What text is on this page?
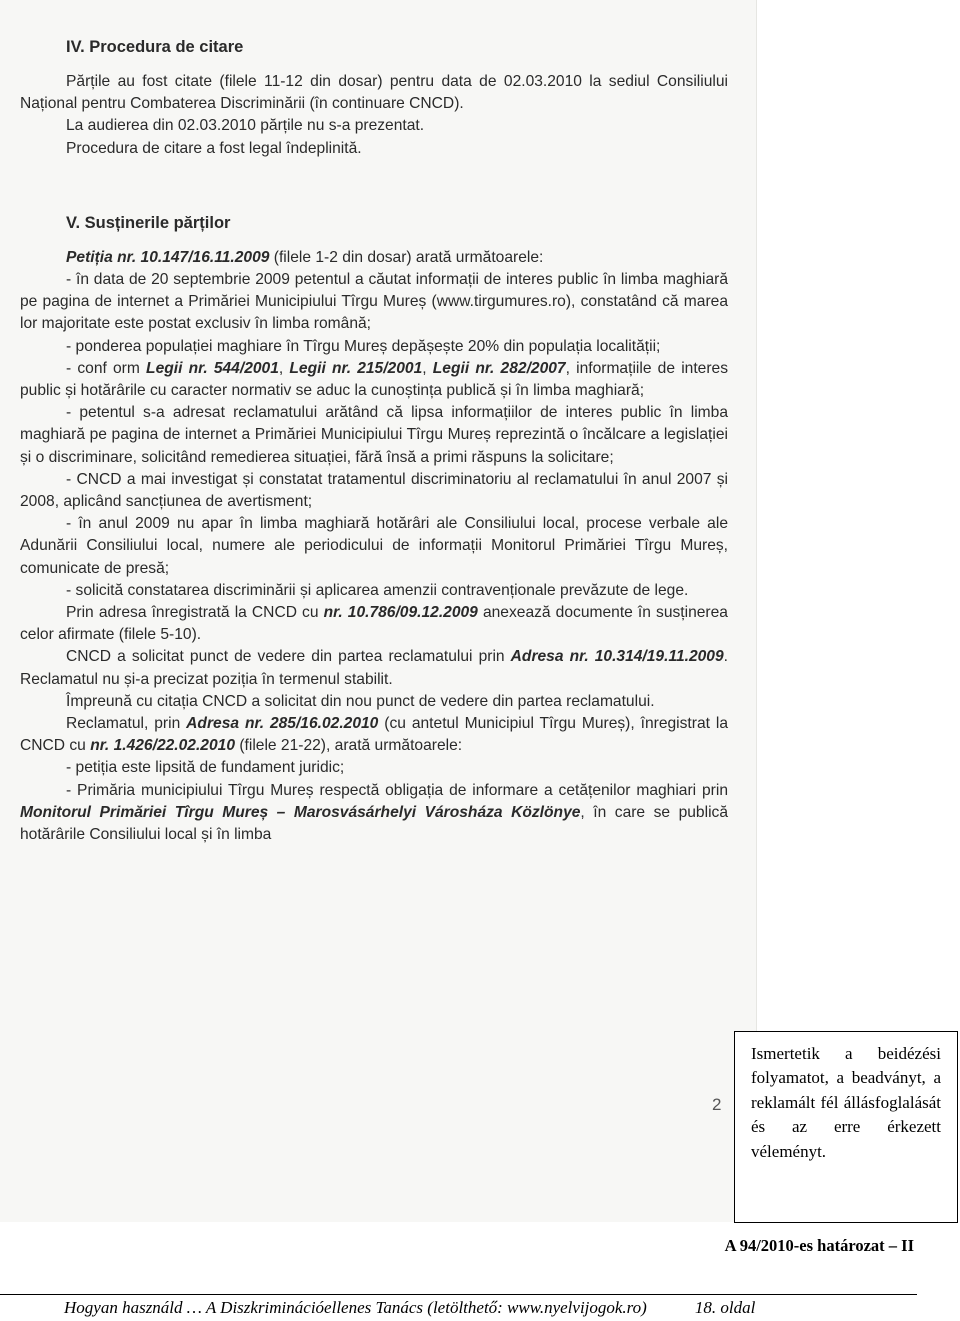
IV. Procedura de citare

Părțile au fost citate (filele 11-12 din dosar) pentru data de 02.03.2010 la sediul Consiliului Național pentru Combaterea Discriminării (în continuare CNCD).

La audierea din 02.03.2010 părțile nu s-a prezentat.

Procedura de citare a fost legal îndeplinită.

V. Susținerile părților

Petiția nr. 10.147/16.11.2009 (filele 1-2 din dosar) arată următoarele:

- în data de 20 septembrie 2009 petentul a căutat informații de interes public în limba maghiară pe pagina de internet a Primăriei Municipiului Tîrgu Mureș (www.tirgumures.ro), constatând că marea lor majoritate este postat exclusiv în limba română;

- ponderea populației maghiare în Tîrgu Mureș depășește 20% din populația localității;

- conf orm Legii nr. 544/2001, Legii nr. 215/2001, Legii nr. 282/2007, informațiile de interes public și hotărârile cu caracter normativ se aduc la cunoștința publică și în limba maghiară;

- petentul s-a adresat reclamatului arătând că lipsa informațiilor de interes public în limba maghiară pe pagina de internet a Primăriei Municipiului Tîrgu Mureș reprezintă o încălcare a legislației și o discriminare, solicitând remedierea situației, fără însă a primi răspuns la solicitare;

- CNCD a mai investigat și constatat tratamentul discriminatoriu al reclamatului în anul 2007 și 2008, aplicând sancțiunea de avertisment;

- în anul 2009 nu apar în limba maghiară hotărâri ale Consiliului local, procese verbale ale Adunării Consiliului local, numere ale periodicului de informații Monitorul Primăriei Tîrgu Mureș, comunicate de presă;

- solicită constatarea discriminării și aplicarea amenzii contravenționale prevăzute de lege.

Prin adresa înregistrată la CNCD cu nr. 10.786/09.12.2009 anexează documente în susținerea celor afirmate (filele 5-10).

CNCD a solicitat punct de vedere din partea reclamatului prin Adresa nr. 10.314/19.11.2009. Reclamatul nu și-a precizat poziția în termenul stabilit.

Împreună cu citația CNCD a solicitat din nou punct de vedere din partea reclamatului.

Reclamatul, prin Adresa nr. 285/16.02.2010 (cu antetul Municipiul Tîrgu Mureș), înregistrat la CNCD cu nr. 1.426/22.02.2010 (filele 21-22), arată următoarele:

- petiția este lipsită de fundament juridic;

- Primăria municipiului Tîrgu Mureș respectă obligația de informare a cetățenilor maghiari prin Monitorul Primăriei Tîrgu Mureș – Marosvásárhelyi Városháza Közlönye, în care se publică hotărârile Consiliului local și în limba

2
Ismertetik a beidézési folyamatot, a beadványt, a reklamált fél állásfoglalását és az erre érkezett véleményt.
A 94/2010-es határozat – II
Hogyan használd … A Diszkriminációellenes Tanács (letölthető: www.nyelvijogok.ro)	18. oldal
